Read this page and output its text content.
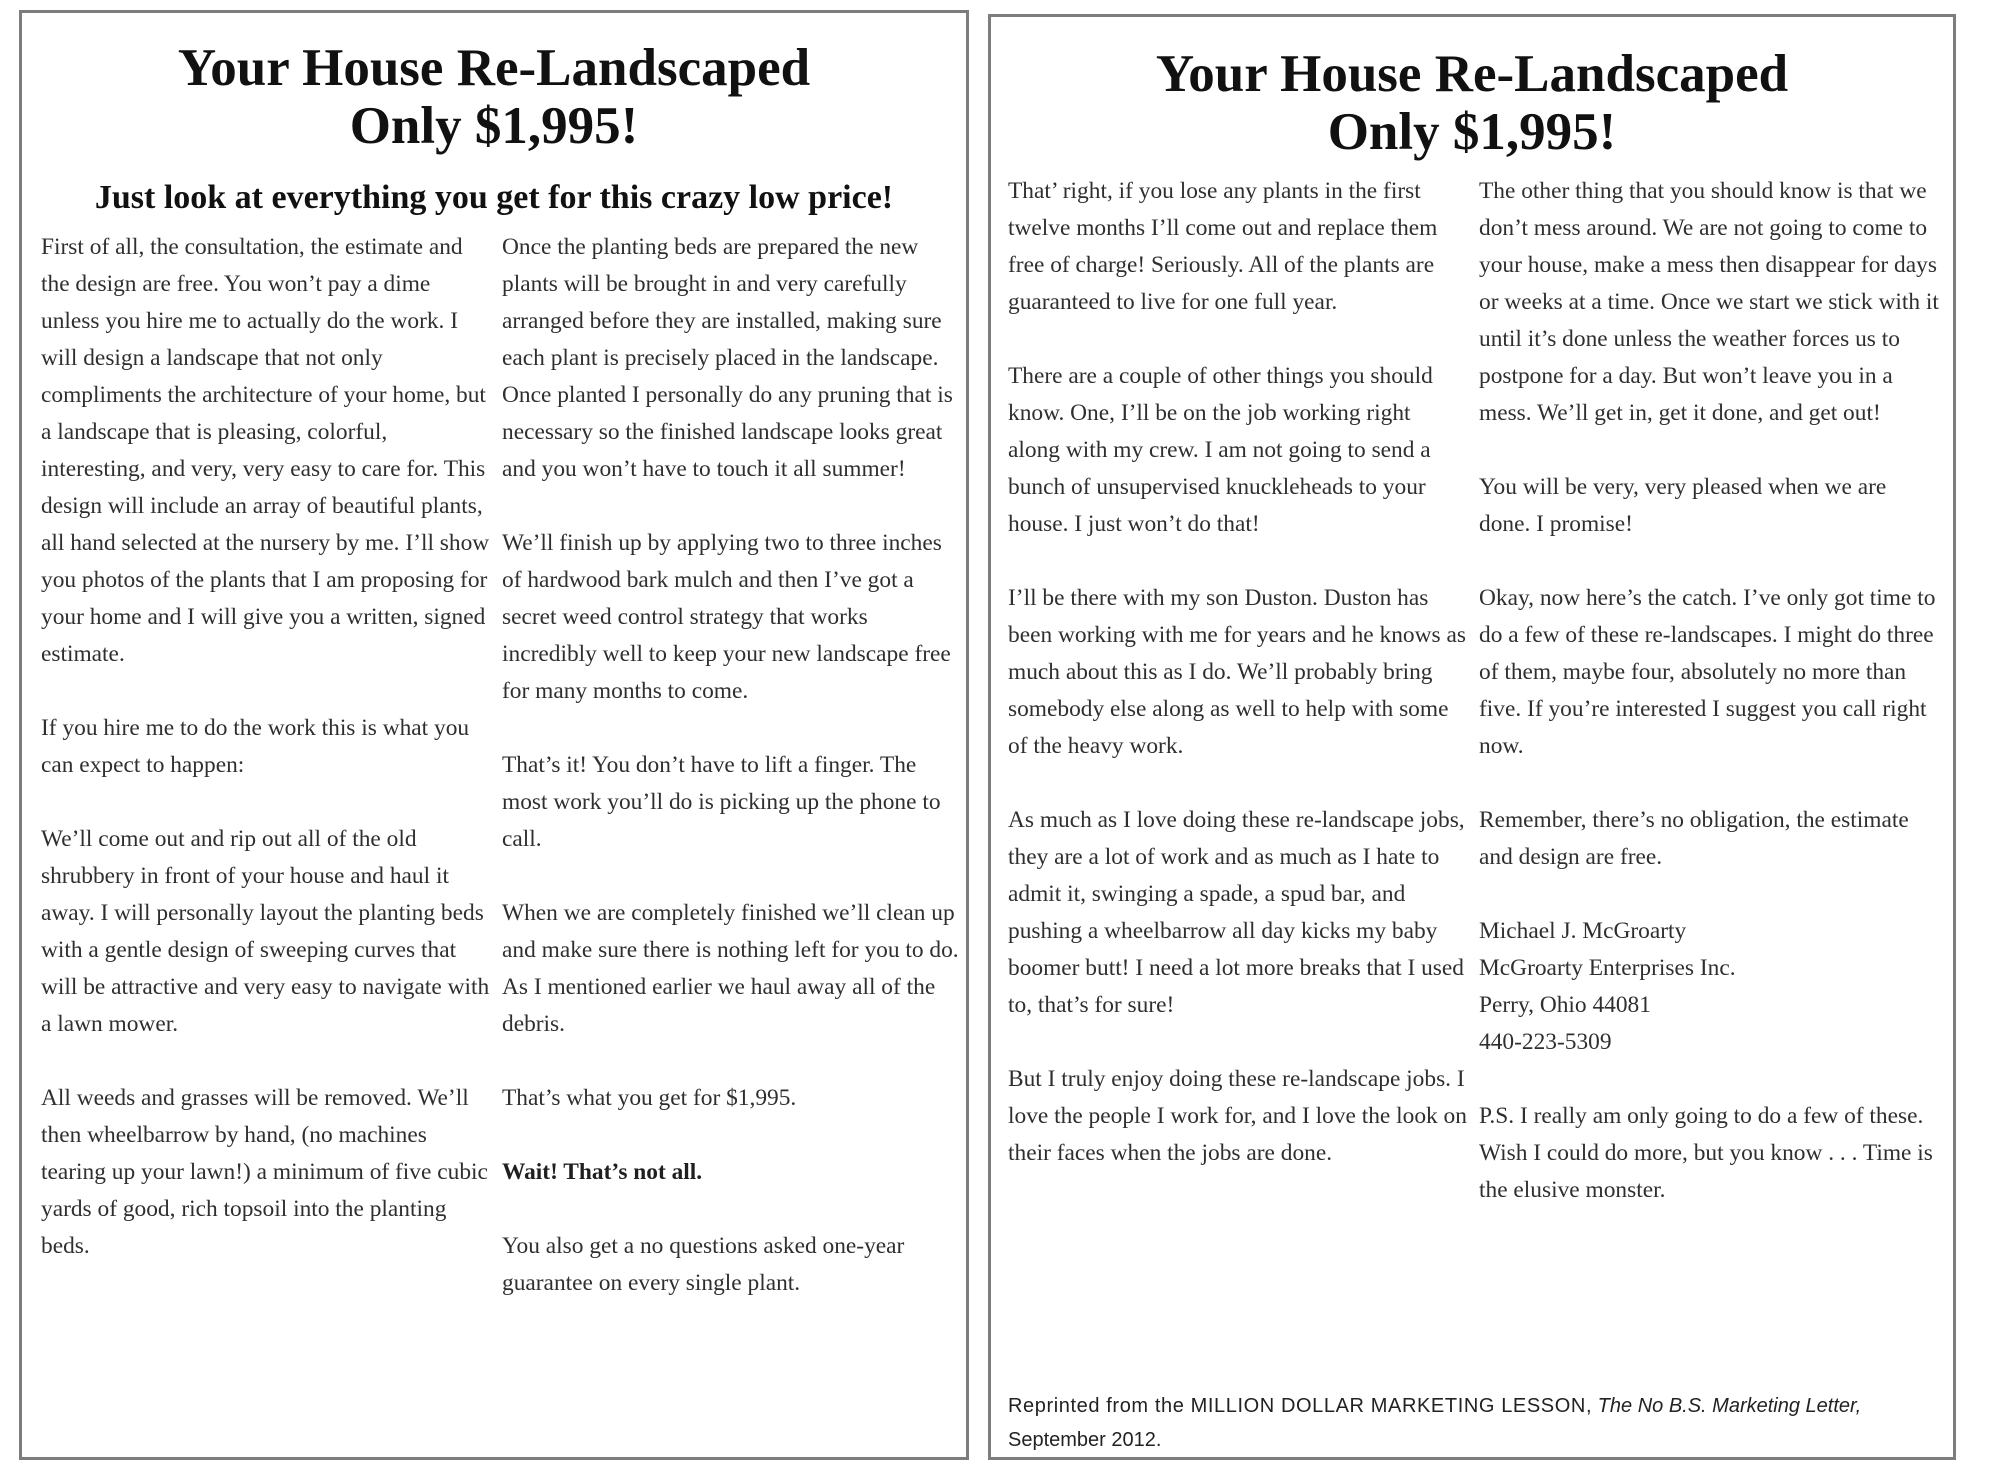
Your House Re-Landscaped
Only $1,995!
Just look at everything you get for this crazy low price!

First of all, the consultation, the estimate and the design are free. You won’t pay a dime unless you hire me to actually do the work. I will design a landscape that not only compliments the architecture of your home, but a landscape that is pleasing, colorful, interesting, and very, very easy to care for. This design will include an array of beautiful plants, all hand selected at the nursery by me. I’ll show you photos of the plants that I am proposing for your home and I will give you a written, signed estimate.

If you hire me to do the work this is what you can expect to happen:

We’ll come out and rip out all of the old shrubbery in front of your house and haul it away. I will personally layout the planting beds with a gentle design of sweeping curves that will be attractive and very easy to navigate with a lawn mower.

All weeds and grasses will be removed. We’ll then wheelbarrow by hand, (no machines tearing up your lawn!) a minimum of five cubic yards of good, rich topsoil into the planting beds.

Once the planting beds are prepared the new plants will be brought in and very carefully arranged before they are installed, making sure each plant is precisely placed in the landscape. Once planted I personally do any pruning that is necessary so the finished landscape looks great and you won’t have to touch it all summer!

We’ll finish up by applying two to three inches of hardwood bark mulch and then I’ve got a secret weed control strategy that works incredibly well to keep your new landscape free for many months to come.

That’s it! You don’t have to lift a finger. The most work you’ll do is picking up the phone to call.

When we are completely finished we’ll clean up and make sure there is nothing left for you to do. As I mentioned earlier we haul away all of the debris.

That’s what you get for $1,995.

Wait! That’s not all.

You also get a no questions asked one-year guarantee on every single plant.

Your House Re-Landscaped
Only $1,995!

That’ right, if you lose any plants in the first twelve months I’ll come out and replace them free of charge! Seriously. All of the plants are guaranteed to live for one full year.

There are a couple of other things you should know. One, I’ll be on the job working right along with my crew. I am not going to send a bunch of unsupervised knuckleheads to your house. I just won’t do that!

I’ll be there with my son Duston. Duston has been working with me for years and he knows as much about this as I do. We’ll probably bring somebody else along as well to help with some of the heavy work.

As much as I love doing these re-landscape jobs, they are a lot of work and as much as I hate to admit it, swinging a spade, a spud bar, and pushing a wheelbarrow all day kicks my baby boomer butt! I need a lot more breaks that I used to, that’s for sure!

But I truly enjoy doing these re-landscape jobs. I love the people I work for, and I love the look on their faces when the jobs are done.

The other thing that you should know is that we don’t mess around. We are not going to come to your house, make a mess then disappear for days or weeks at a time. Once we start we stick with it until it’s done unless the weather forces us to postpone for a day. But won’t leave you in a mess. We’ll get in, get it done, and get out!

You will be very, very pleased when we are done. I promise!

Okay, now here’s the catch. I’ve only got time to do a few of these re-landscapes. I might do three of them, maybe four, absolutely no more than five. If you’re interested I suggest you call right now.

Remember, there’s no obligation, the estimate and design are free.

Michael J. McGroarty

McGroarty Enterprises Inc.

Perry, Ohio 44081

440-223-5309

P.S. I really am only going to do a few of these. Wish I could do more, but you know . . . Time is the elusive monster.

Reprinted from the MILLION DOLLAR MARKETING LESSON, The No B.S. Marketing Letter,
September 2012.
